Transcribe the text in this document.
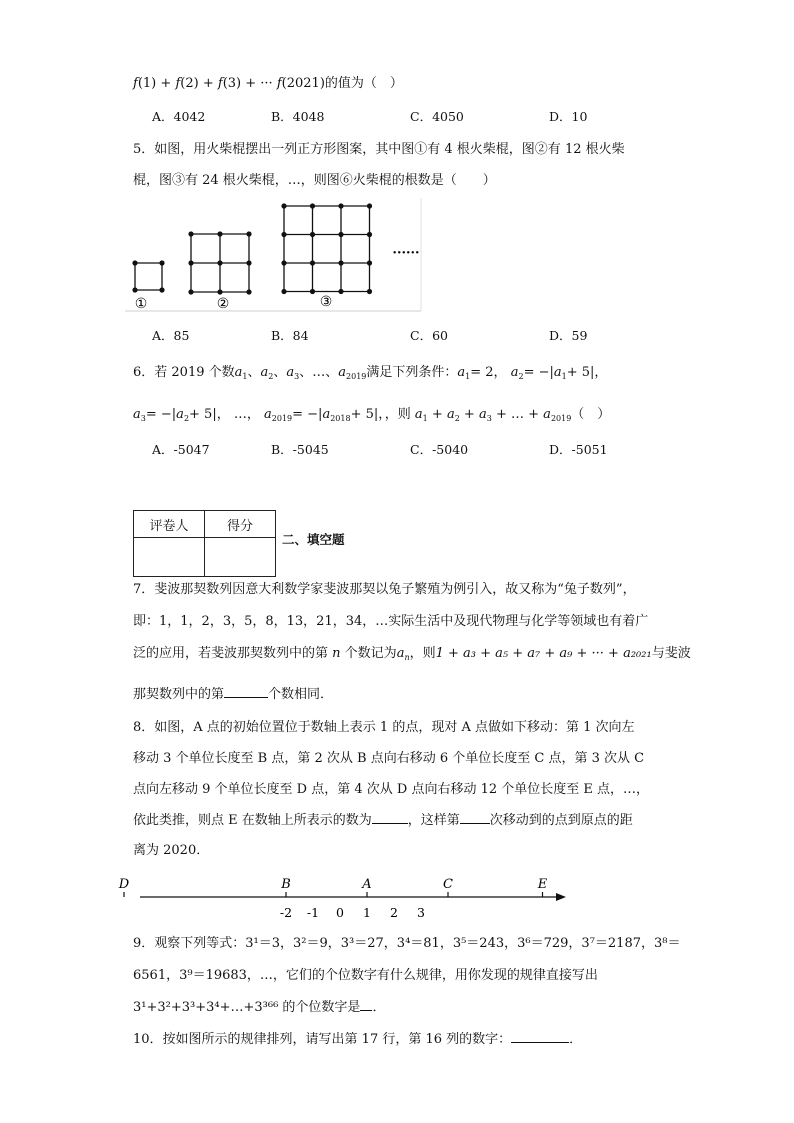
f(1) + f(2) + f(3) + ··· f(2021)的值为（　）
A．4042	B．4048	C．4050	D．10
5．如图，用火柴棍摆出一列正方形图案，其中图①有 4 根火柴棍，图②有 12 根火柴
棍，图③有 24 根火柴棍，…，则图⑥火柴棍的根数是（　　）
①	②	③
······
A．85	B．84	C．60	D．59
6．若 2019 个数$a_1$、$a_2$、$a_3$、…、$a_{2019}$满足下列条件：$a_1= 2$， $a_2= -|a_1+ 5|$，
$a_3= -|a_2+ 5|$， …， $a_{2019}= -|a_{2018}+ 5|$，，则 $a_1 + a_2 + a_3$ + … + $a_{2019}$（　）
A．-5047	B．-5045	C．-5040	D．-5051
评卷人	得分

二、填空题
7．斐波那契数列因意大利数学家斐波那契以兔子繁殖为例引入，故又称为“兔子数列”，
即：1，1，2，3，5，8，13，21，34，…实际生活中及现代物理与化学等领域也有着广
泛的应用，若斐波那契数列中的第 n 个数记为$a_n$，则1 + a₃ + a₅ + a₇ + a₉ + ··· + a₂₀₂₁与斐波
那契数列中的第	个数相同．
8．如图，A 点的初始位置位于数轴上表示 1 的点，现对 A 点做如下移动：第 1 次向左
移动 3 个单位长度至 B 点，第 2 次从 B 点向右移动 6 个单位长度至 C 点，第 3 次从 C
点向左移动 9 个单位长度至 D 点，第 4 次从 D 点向右移动 12 个单位长度至 E 点，…，
依此类推，则点 E 在数轴上所表示的数为	，这样第 次移动到的点到原点的距
离为 2020．
-2 -1 0 1 2 3
D	B	A	C	E
9．观察下列等式：3¹＝3，3²＝9，3³＝27，3⁴＝81，3⁵＝243，3⁶＝729，3⁷＝2187，3⁸＝
6561，3⁹＝19683，…，它们的个位数字有什么规律，用你发现的规律直接写出
3¹+3²+3³+3⁴+…+3³⁶⁶ 的个位数字是 ．
10．按如图所示的规律排列，请写出第 17 行，第 16 列的数字：	．
